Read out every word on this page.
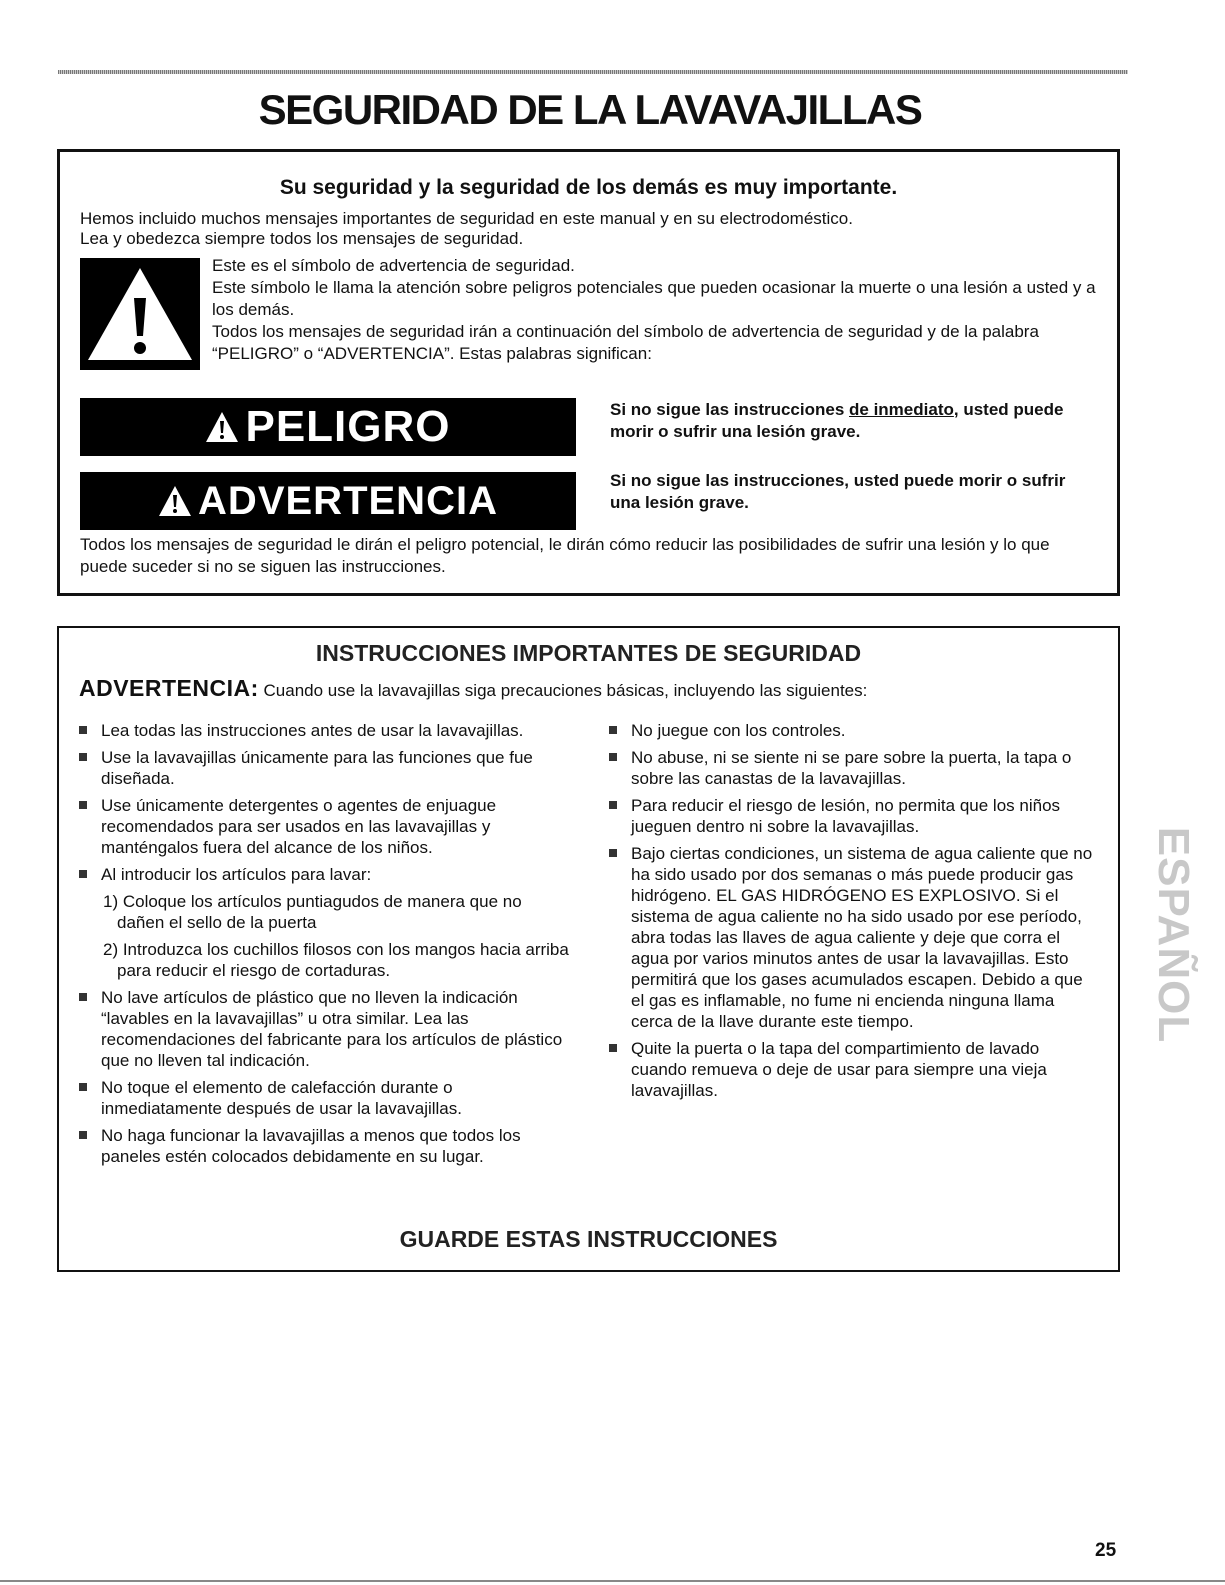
SEGURIDAD DE LA LAVAVAJILLAS
Su seguridad y la seguridad de los demás es muy importante.

Hemos incluido muchos mensajes importantes de seguridad en este manual y en su electrodoméstico.

Lea y obedezca siempre todos los mensajes de seguridad.

Este es el símbolo de advertencia de seguridad.

Este símbolo le llama la atención sobre peligros potenciales que pueden ocasionar la muerte o una lesión a usted y a los demás.

Todos los mensajes de seguridad irán a continuación del símbolo de advertencia de seguridad y de la palabra “PELIGRO” o “ADVERTENCIA”. Estas palabras significan:

PELIGRO	Si no sigue las instrucciones de inmediato, usted puede morir o sufrir una lesión grave.

ADVERTENCIA	Si no sigue las instrucciones, usted puede morir o sufrir una lesión grave.

Todos los mensajes de seguridad le dirán el peligro potencial, le dirán cómo reducir las posibilidades de sufrir una lesión y lo que puede suceder si no se siguen las instrucciones.

INSTRUCCIONES IMPORTANTES DE SEGURIDAD

ADVERTENCIA: Cuando use la lavavajillas siga precauciones básicas, incluyendo las siguientes:

Lea todas las instrucciones antes de usar la lavavajillas.
Use la lavavajillas únicamente para las funciones que fue diseñada.
Use únicamente detergentes o agentes de enjuague recomendados para ser usados en las lavavajillas y manténgalos fuera del alcance de los niños.
Al introducir los artículos para lavar:
1) Coloque los artículos puntiagudos de manera que no dañen el sello de la puerta
2) Introduzca los cuchillos filosos con los mangos hacia arriba para reducir el riesgo de cortaduras.
No lave artículos de plástico que no lleven la indicación “lavables en la lavavajillas” u otra similar. Lea las recomendaciones del fabricante para los artículos de plástico que no lleven tal indicación.
No toque el elemento de calefacción durante o inmediatamente después de usar la lavavajillas.
No haga funcionar la lavavajillas a menos que todos los paneles estén colocados debidamente en su lugar.
No juegue con los controles.
No abuse, ni se siente ni se pare sobre la puerta, la tapa o sobre las canastas de la lavavajillas.
Para reducir el riesgo de lesión, no permita que los niños jueguen dentro ni sobre la lavavajillas.
Bajo ciertas condiciones, un sistema de agua caliente que no ha sido usado por dos semanas o más puede producir gas hidrógeno. EL GAS HIDRÓGENO ES EXPLOSIVO. Si el sistema de agua caliente no ha sido usado por ese período, abra todas las llaves de agua caliente y deje que corra el agua por varios minutos antes de usar la lavavajillas. Esto permitirá que los gases acumulados escapen. Debido a que el gas es inflamable, no fume ni encienda ninguna llama cerca de la llave durante este tiempo.
Quite la puerta o la tapa del compartimiento de lavado cuando remueva o deje de usar para siempre una vieja lavavajillas.
GUARDE ESTAS INSTRUCCIONES
ESPAÑOL

25
